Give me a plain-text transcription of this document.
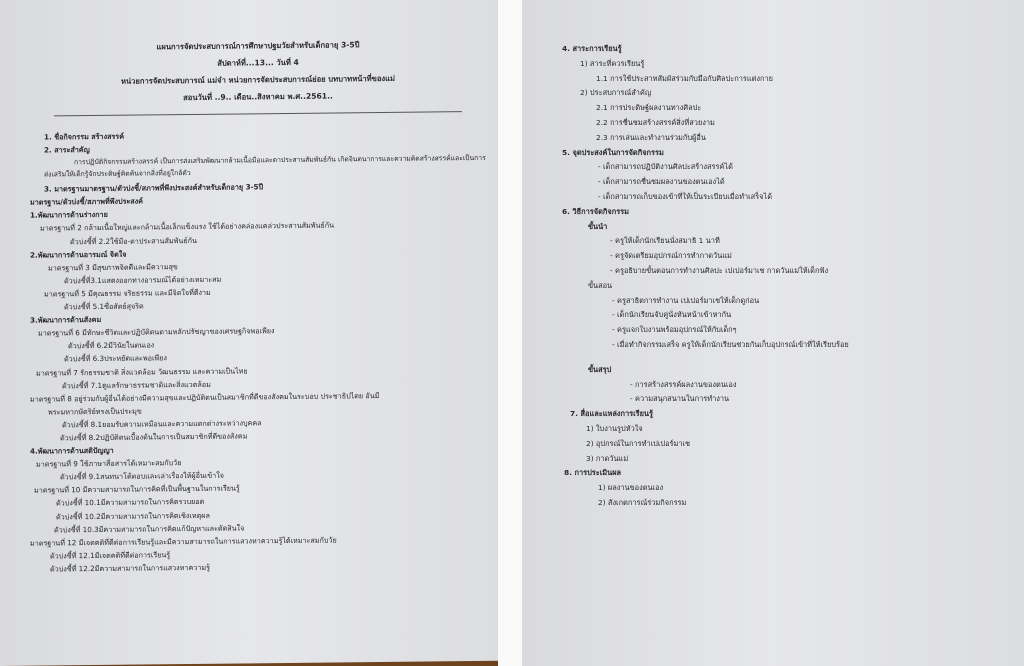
แผนการจัดประสบการณ์การศึกษาปฐมวัยสำหรับเด็กอายุ 3-5ปี
สัปดาห์ที่...13... วันที่ 4
หน่วยการจัดประสบการณ์ แม่จ๋า หน่วยการจัดประสบการณ์ย่อย บทบาทหน้าที่ของแม่
สอนวันที่ ..9.. เดือน..สิงหาคม พ.ศ..2561..
1. ชื่อกิจกรรม สร้างสรรค์
2. สาระสำคัญ
การปฏิบัติกิจกรรมสร้างสรรค์ เป็นการส่งเสริมพัฒนากล้ามเนื้อมือและตาประสานสัมพันธ์กัน เกิดจินตนาการและความคิดสร้างสรรค์และเป็นการส่งเสริมให้เด็กรู้จักประดิษฐ์คิดค้นจากสิ่งที่อยู่ใกล้ตัว
3. มาตรฐานมาตรฐาน/ตัวบ่งชี้/สภาพที่พึงประสงค์สำหรับเด็กอายุ 3-5ปี
มาตรฐาน/ตัวบ่งชี้/สภาพที่พึงประสงค์
1.พัฒนาการด้านร่างกาย
มาตรฐานที่ 2 กล้ามเนื้อใหญ่และกล้ามเนื้อเล็กแข็งแรง ใช้ได้อย่างคล่องแคล่วประสานสัมพันธ์กัน
ตัวบ่งชี้ที่ 2.2ใช้มือ-ตาประสานสัมพันธ์กัน
2.พัฒนาการด้านอารมณ์ จิตใจ
มาตรฐานที่ 3 มีสุขภาพจิตดีและมีความสุข
ตัวบ่งชี้ที่3.1แสดงออกทางอารมณ์ได้อย่างเหมาะสม
มาตรฐานที่ 5 มีคุณธรรม จริยธรรม และมีจิตใจที่ดีงาม
ตัวบ่งชี้ที่ 5.1ซื่อสัตย์สุจริต
3.พัฒนาการด้านสังคม
มาตรฐานที่ 6 มีทักษะชีวิตและปฏิบัติตนตามหลักปรัชญาของเศรษฐกิจพอเพียง
ตัวบ่งชี้ที่ 6.2มีวินัยในตนเอง
ตัวบ่งชี้ที่ 6.3ประหยัดและพอเพียง
มาตรฐานที่ 7 รักธรรมชาติ สิ่งแวดล้อม วัฒนธรรม และความเป็นไทย
ตัวบ่งชี้ที่ 7.1ดูแลรักษาธรรมชาติและสิ่งแวดล้อม
มาตรฐานที่ 8 อยู่ร่วมกับผู้อื่นได้อย่างมีความสุขและปฏิบัติตนเป็นสมาชิกที่ดีของสังคมในระบอบ ประชาธิปไตย อันมี
พระมหากษัตริย์ทรงเป็นประมุข
ตัวบ่งชี้ที่ 8.1ยอมรับความเหมือนและความแตกต่างระหว่างบุคคล
ตัวบ่งชี้ที่ 8.2ปฏิบัติตนเบื้องต้นในการเป็นสมาชิกที่ดีของสังคม
4.พัฒนาการด้านสติปัญญา
มาตรฐานที่ 9 ใช้ภาษาสื่อสารได้เหมาะสมกับวัย
ตัวบ่งชี้ที่ 9.1สนทนาโต้ตอบและเล่าเรื่องให้ผู้อื่นเข้าใจ
มาตรฐานที่ 10 มีความสามารถในการคิดที่เป็นพื้นฐานในการเรียนรู้
ตัวบ่งชี้ที่ 10.1มีความสามารถในการคิดรวบยอด
ตัวบ่งชี้ที่ 10.2มีความสามารถในการคิดเชิงเหตุผล
ตัวบ่งชี้ที่ 10.3มีความสามารถในการคิดแก้ปัญหาและตัดสินใจ
มาตรฐานที่ 12 มีเจตคติที่ดีต่อการเรียนรู้และมีความสามารถในการแสวงหาความรู้ได้เหมาะสมกับวัย
ตัวบ่งชี้ที่ 12.1มีเจตคติที่ดีต่อการเรียนรู้
ตัวบ่งชี้ที่ 12.2มีความสามารถในการแสวงหาความรู้
4. สาระการเรียนรู้
1) สาระที่ควรเรียนรู้
1.1 การใช้ประสาทสัมผัสร่วมกับมือกับศิลปะการแต่งกาย
2) ประสบการณ์สำคัญ
2.1 การประดิษฐ์ผลงานทางศิลปะ
2.2 การชื่นชมสร้างสรรค์สิ่งที่สวยงาม
2.3 การเล่นและทำงานร่วมกับผู้อื่น
5. จุดประสงค์ในการจัดกิจกรรม
- เด็กสามารถปฏิบัติงานศิลปะสร้างสรรค์ได้
- เด็กสามารถชื่นชมผลงานของตนเองได้
- เด็กสามารถเก็บของเข้าที่ให้เป็นระเบียบเมื่อทำเสร็จได้
6. วิธีการจัดกิจกรรม
ขั้นนำ
- ครูให้เด็กนักเรียนนั่งสมาธิ 1 นาที
- ครูจัดเตรียมอุปกรณ์การทำกาดวันแม่
- ครูอธิบายขั้นตอนการทำงานศิลปะ เปเปอร์มาเช กาดวันแม่ให้เด็กฟัง
ขั้นสอน
- ครูสาธิตการทำงาน เปเปอร์มาเชให้เด็กดูก่อน
- เด็กนักเรียนจับคู่นั่งหันหน้าเข้าหากัน
- ครูแจกใบงานพร้อมอุปกรณ์ให้กับเด็กๆ
- เมื่อทำกิจกรรมเสร็จ ครูให้เด็กนักเรียนช่วยกันเก็บอุปกรณ์เข้าที่ให้เรียบร้อย
ขั้นสรุป
- การสร้างสรรค์ผลงานของตนเอง
- ความสนุกสนานในการทำงาน
7. สื่อและแหล่งการเรียนรู้
1) ใบงานรูปหัวใจ
2) อุปกรณ์ในการทำเปเปอร์มาเช
3) กาดวันแม่
8. การประเมินผล
1) ผลงานของตนเอง
2) สังเกตการณ์ร่วมกิจกรรม
